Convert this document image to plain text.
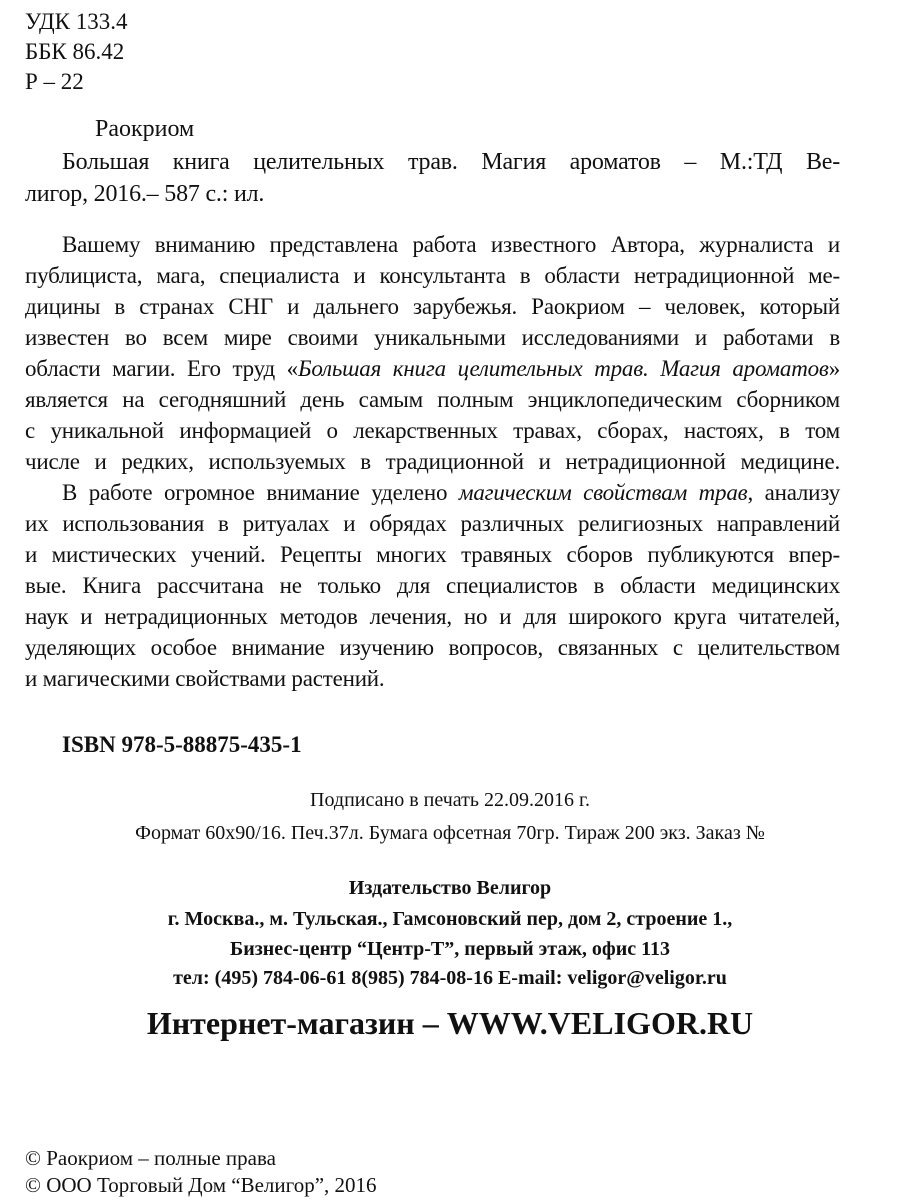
УДК 133.4
ББК 86.42
Р – 22
Раокриом
Большая книга целительных трав. Магия ароматов – М.:ТД Ве-
лигор, 2016.– 587 с.: ил.
Вашему вниманию представлена работа известного Автора, журналиста и
публициста, мага, специалиста и консультанта в области нетрадиционной ме-
дицины в странах СНГ и дальнего зарубежья. Раокриом – человек, который
известен во всем мире своими уникальными исследованиями и работами в
области магии. Его труд «Большая книга целительных трав. Магия ароматов»
является на сегодняшний день самым полным энциклопедическим сборником
с уникальной информацией о лекарственных травах, сборах, настоях, в том
числе и редких, используемых в традиционной и нетрадиционной медицине.
В работе огромное внимание уделено магическим свойствам трав, анализу
их использования в ритуалах и обрядах различных религиозных направлений
и мистических учений. Рецепты многих травяных сборов публикуются впер-
вые. Книга рассчитана не только для специалистов в области медицинских
наук и нетрадиционных методов лечения, но и для широкого круга читателей,
уделяющих особое внимание изучению вопросов, связанных с целительством
и магическими свойствами растений.
ISBN 978-5-88875-435-1
Подписано в печать 22.09.2016 г.
Формат 60х90/16. Печ.37л. Бумага офсетная 70гр. Тираж 200 экз. Заказ №
Издательство Велигор
г. Москва., м. Тульская., Гамсоновский пер, дом 2, строение 1.,
Бизнес-центр “Центр-Т”, первый этаж, офис 113
тел: (495) 784-06-61 8(985) 784-08-16 E-mail: veligor@veligor.ru
Интернет-магазин – WWW.VELIGOR.RU
© Раокриом – полные права
© ООО Торговый Дом “Велигор”, 2016
